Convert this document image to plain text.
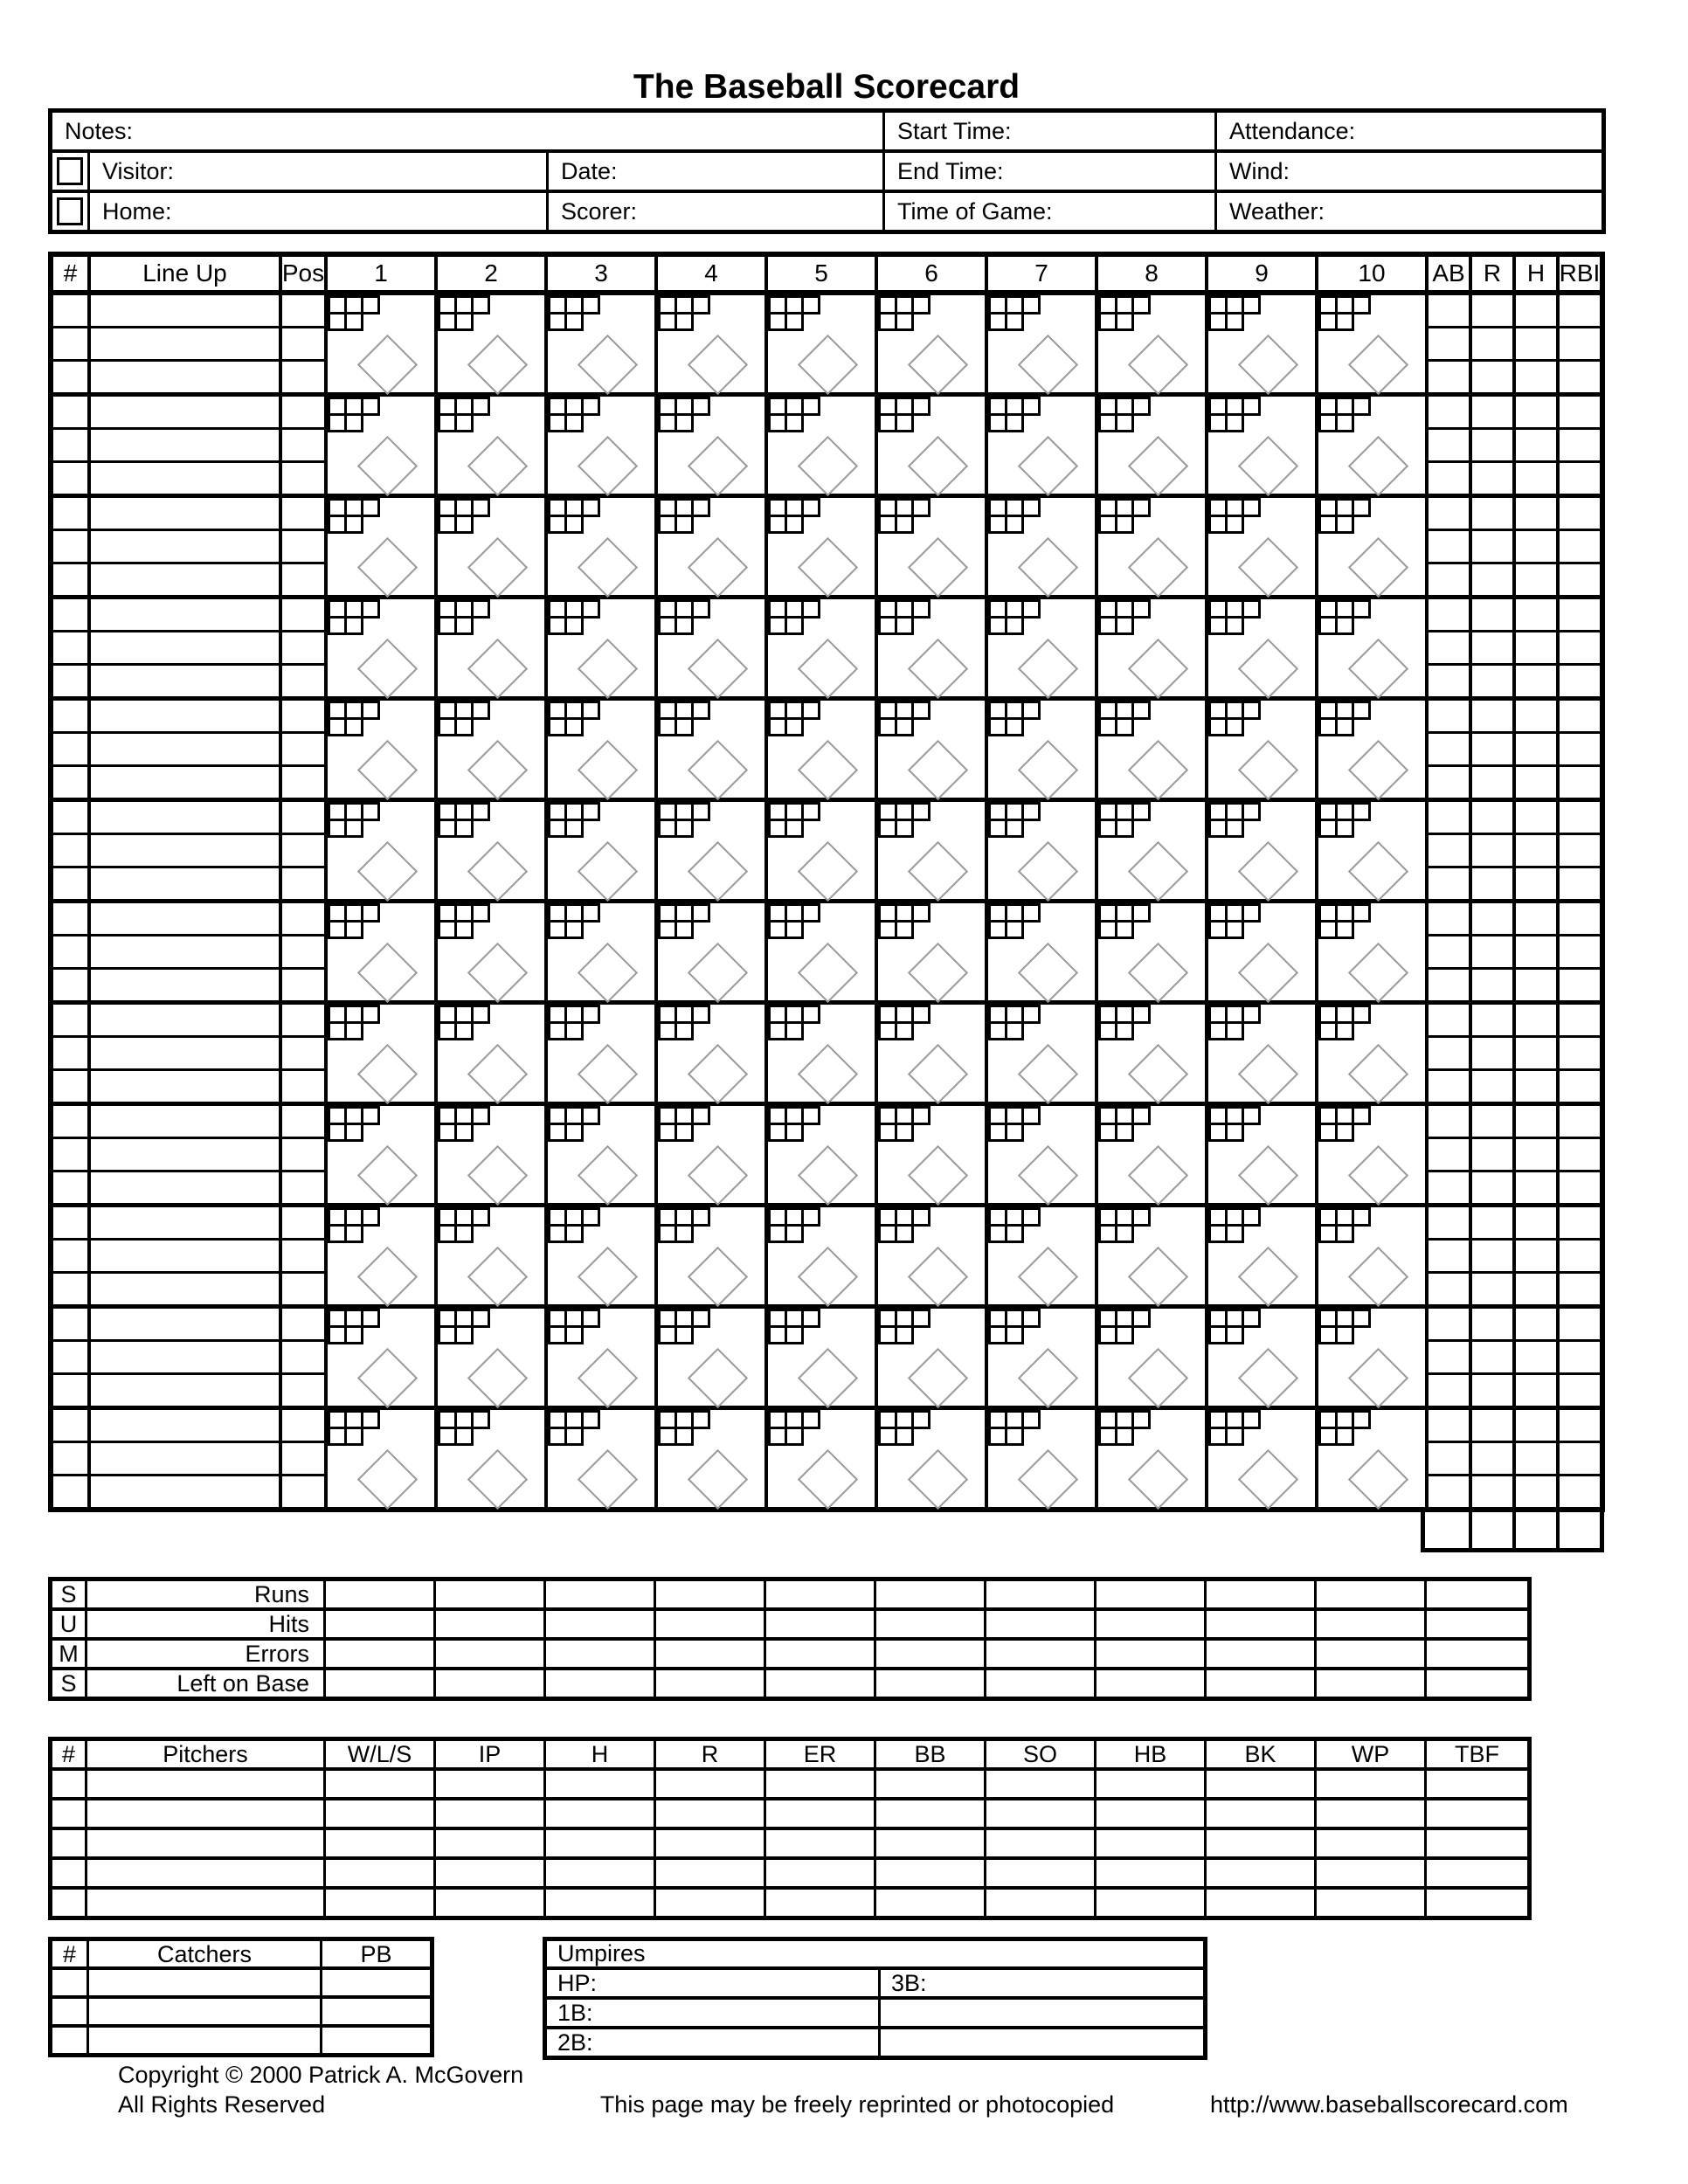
The Baseball Scorecard
Notes:	Start Time:	Attendance:
Visitor:	Date:	End Time:	Wind:
Home:	Scorer:	Time of Game:	Weather:
#	Line Up	Pos	1	2	3	4	5	6	7	8	9	10	AB R	H RBI
S	Runs
U	Hits
M	Errors
S	Left on Base
#	Pitchers	W/L/S	IP	H	R	ER	BB	SO	HB	BK	WP	TBF
#	Catchers	PB	Umpires
HP:	3B:
1B:
2B:
Copyright © 2000 Patrick A. McGovern
All Rights Reserved	This page may be freely reprinted or photocopied	http://www.baseballscorecard.com
